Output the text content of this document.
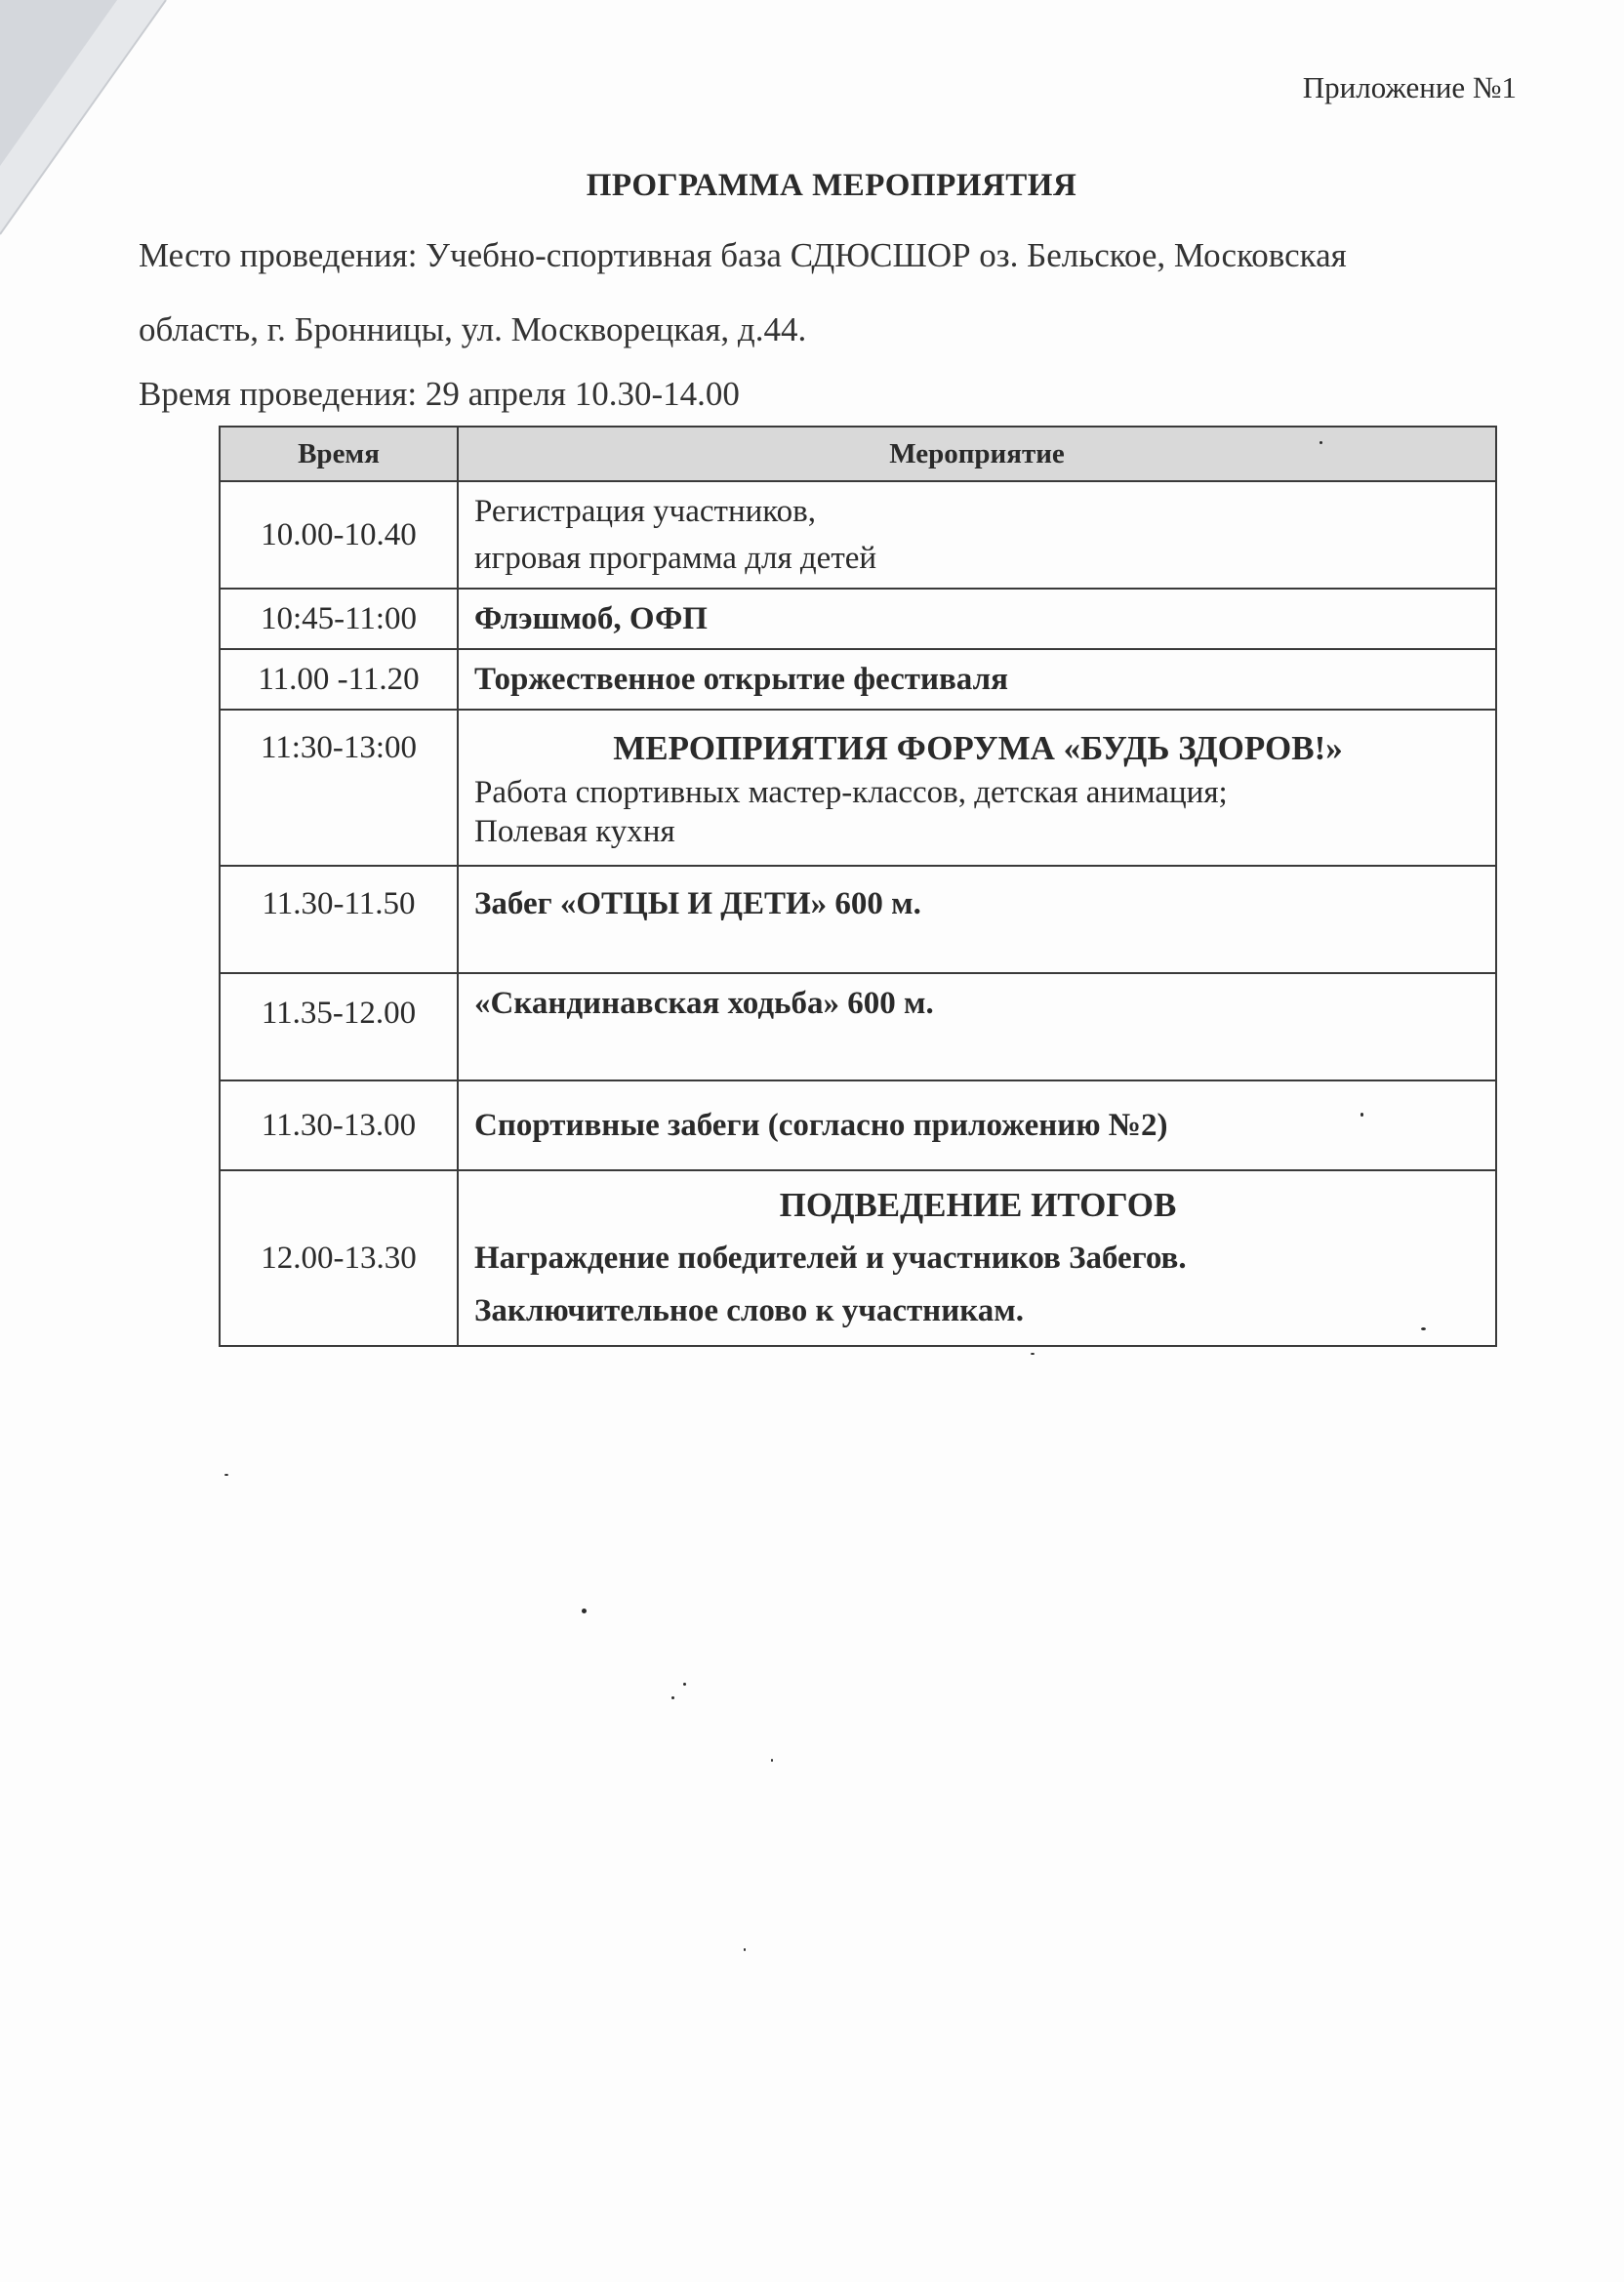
Приложение №1
ПРОГРАММА МЕРОПРИЯТИЯ

Место проведения: Учебно-спортивная база СДЮСШОР оз. Бельское, Московская

область, г. Бронницы, ул. Москворецкая, д.44.

Время проведения: 29 апреля 10.30-14.00

Время	Мероприятие
10.00-10.40	Регистрация участников,
игровая программа для детей

10:45-11:00	Флэшмоб, ОФП

11.00 -11.20	Торжественное открытие фестиваля

11:30-13:00	МЕРОПРИЯТИЯ ФОРУМА «БУДЬ ЗДОРОВ!»
Работа спортивных мастер-классов, детская анимация;
Полевая кухня

11.30-11.50	Забег «ОТЦЫ И ДЕТИ» 600 м.

11.35-12.00	«Скандинавская ходьба» 600 м.

11.30-13.00	Спортивные забеги (согласно приложению №2)

12.00-13.30	ПОДВЕДЕНИЕ ИТОГОВ
Награждение победителей и участников Забегов.
Заключительное слово к участникам.
